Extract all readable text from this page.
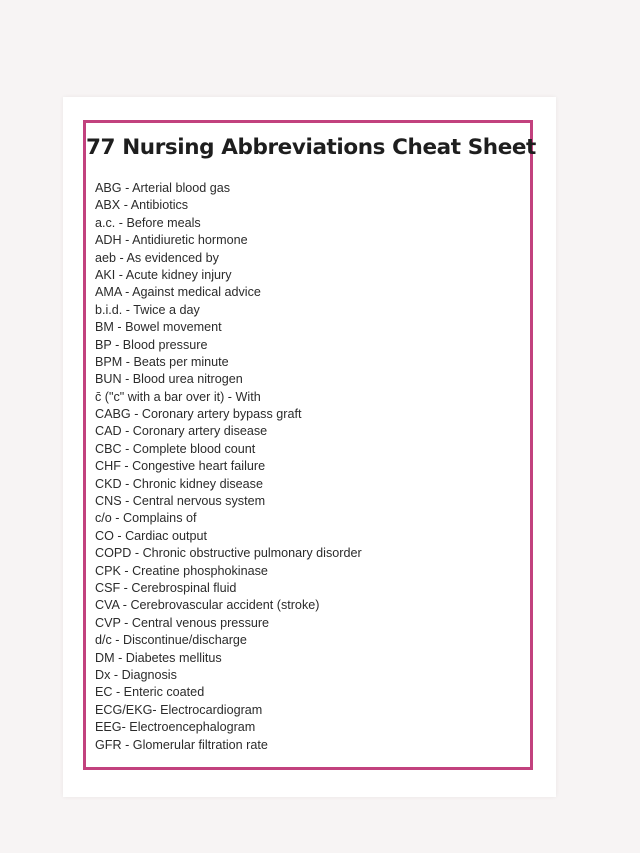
77 Nursing Abbreviations Cheat Sheet
ABG - Arterial blood gas
ABX - Antibiotics
a.c. - Before meals
ADH - Antidiuretic hormone
aeb - As evidenced by
AKI - Acute kidney injury
AMA - Against medical advice
b.i.d. - Twice a day
BM - Bowel movement
BP - Blood pressure
BPM - Beats per minute
BUN - Blood urea nitrogen
c̄ ("c" with a bar over it) - With
CABG - Coronary artery bypass graft
CAD - Coronary artery disease
CBC - Complete blood count
CHF - Congestive heart failure
CKD - Chronic kidney disease
CNS - Central nervous system
c/o - Complains of
CO - Cardiac output
COPD - Chronic obstructive pulmonary disorder
CPK - Creatine phosphokinase
CSF - Cerebrospinal fluid
CVA - Cerebrovascular accident (stroke)
CVP - Central venous pressure
d/c - Discontinue/discharge
DM - Diabetes mellitus
Dx - Diagnosis
EC - Enteric coated
ECG/EKG- Electrocardiogram
EEG- Electroencephalogram
GFR - Glomerular filtration rate
